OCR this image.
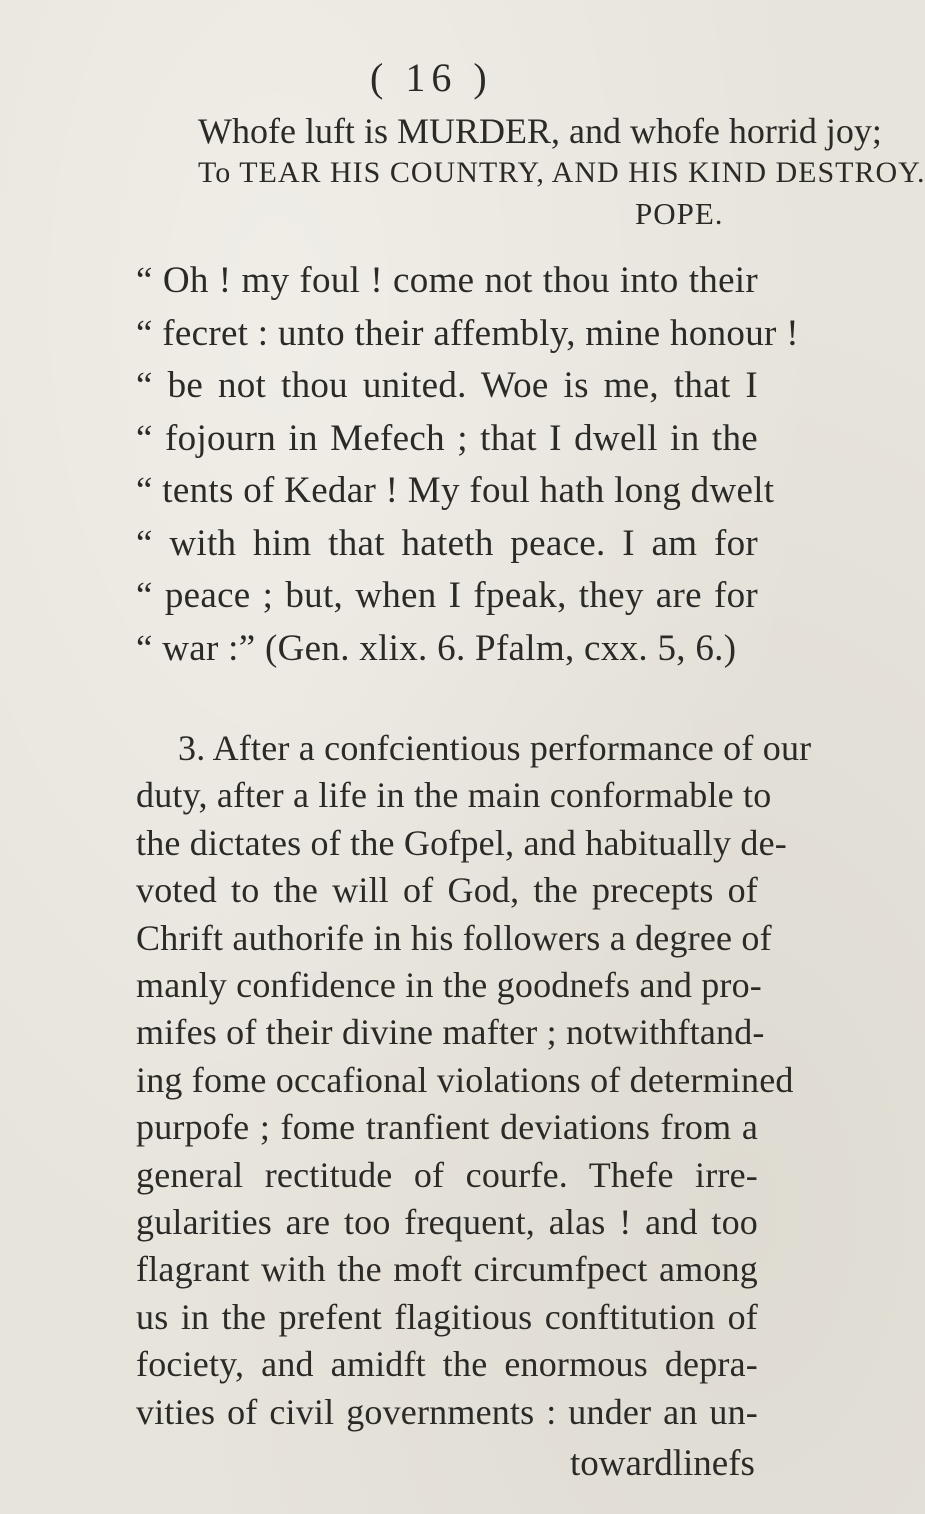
( 16 )
Whofe luft is MURDER, and whofe horrid joy;
To TEAR HIS COUNTRY, AND HIS KIND DESTROY.
POPE.
“ Oh ! my foul ! come not thou into their
“ fecret : unto their affembly, mine honour !
“ be not thou united. Woe is me, that I
“ fojourn in Mefech ; that I dwell in the
“ tents of Kedar ! My foul hath long dwelt
“ with him that hateth peace. I am for
“ peace ; but, when I fpeak, they are for
“ war :” (Gen. xlix. 6. Pfalm, cxx. 5, 6.)
3. After a confcientious performance of our
duty, after a life in the main conformable to
the dictates of the Gofpel, and habitually de-
voted to the will of God, the precepts of
Chrift authorife in his followers a degree of
manly confidence in the goodnefs and pro-
mifes of their divine mafter ; notwithftand-
ing fome occafional violations of determined
purpofe ; fome tranfient deviations from a
general rectitude of courfe. Thefe irre-
gularities are too frequent, alas ! and too
flagrant with the moft circumfpect among
us in the prefent flagitious conftitution of
fociety, and amidft the enormous depra-
vities of civil governments : under an un-
towardlinefs
